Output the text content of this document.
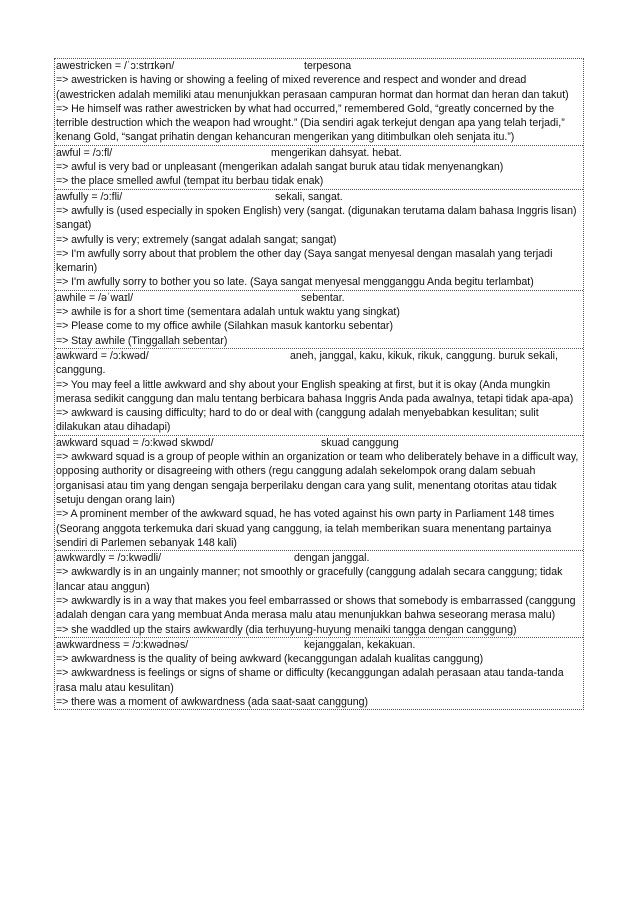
awestricken = /ˈɔ:strɪkən/	terpesona

=> awestricken is having or showing a feeling of mixed reverence and respect and wonder and dread (awestricken adalah memiliki atau menunjukkan perasaan campuran hormat dan hormat dan heran dan takut)

=> He himself was rather awestricken by what had occurred,” remembered Gold, “greatly concerned by the terrible destruction which the weapon had wrought.” (Dia sendiri agak terkejut dengan apa yang telah terjadi,” kenang Gold, “sangat prihatin dengan kehancuran mengerikan yang ditimbulkan oleh senjata itu.”)

awful = /ɔ:fl/	mengerikan dahsyat. hebat.

=> awful is very bad or unpleasant (mengerikan adalah sangat buruk atau tidak menyenangkan)

=> the place smelled awful (tempat itu berbau tidak enak)

awfully = /ɔ:fli/	sekali, sangat.

=> awfully is (used especially in spoken English) very (sangat. (digunakan terutama dalam bahasa Inggris lisan) sangat)

=> awfully is very; extremely (sangat adalah sangat; sangat)

=> I'm awfully sorry about that problem the other day (Saya sangat menyesal dengan masalah yang terjadi kemarin)

=> I'm awfully sorry to bother you so late. (Saya sangat menyesal mengganggu Anda begitu terlambat)

awhile = /əˈwaɪl/	sebentar.

=> awhile is for a short time (sementara adalah untuk waktu yang singkat)

=> Please come to my office awhile (Silahkan masuk kantorku sebentar)

=> Stay awhile (Tinggallah sebentar)

awkward = /ɔ:kwəd/	aneh, janggal, kaku, kikuk, rikuk, canggung. buruk sekali,

canggung.

=> You may feel a little awkward and shy about your English speaking at first, but it is okay (Anda mungkin merasa sedikit canggung dan malu tentang berbicara bahasa Inggris Anda pada awalnya, tetapi tidak apa-apa)

=> awkward is causing difficulty; hard to do or deal with (canggung adalah menyebabkan kesulitan; sulit dilakukan atau dihadapi)

awkward squad = /ɔ:kwəd skwɒd/	skuad canggung

=> awkward squad is a group of people within an organization or team who deliberately behave in a difficult way, opposing authority or disagreeing with others (regu canggung adalah sekelompok orang dalam sebuah organisasi atau tim yang dengan sengaja berperilaku dengan cara yang sulit, menentang otoritas atau tidak setuju dengan orang lain)

=> A prominent member of the awkward squad, he has voted against his own party in Parliament 148 times (Seorang anggota terkemuka dari skuad yang canggung, ia telah memberikan suara menentang partainya sendiri di Parlemen sebanyak 148 kali)

awkwardly = /ɔ:kwədli/	dengan janggal.

=> awkwardly is in an ungainly manner; not smoothly or gracefully (canggung adalah secara canggung; tidak lancar atau anggun)

=> awkwardly is in a way that makes you feel embarrassed or shows that somebody is embarrassed (canggung adalah dengan cara yang membuat Anda merasa malu atau menunjukkan bahwa seseorang merasa malu)

=> she waddled up the stairs awkwardly (dia terhuyung-huyung menaiki tangga dengan canggung)

awkwardness = /ɔ:kwədnəs/	kejanggalan, kekakuan.

=> awkwardness is the quality of being awkward (kecanggungan adalah kualitas canggung)

=> awkwardness is feelings or signs of shame or difficulty (kecanggungan adalah perasaan atau tanda-tanda rasa malu atau kesulitan)

=> there was a moment of awkwardness (ada saat-saat canggung)
